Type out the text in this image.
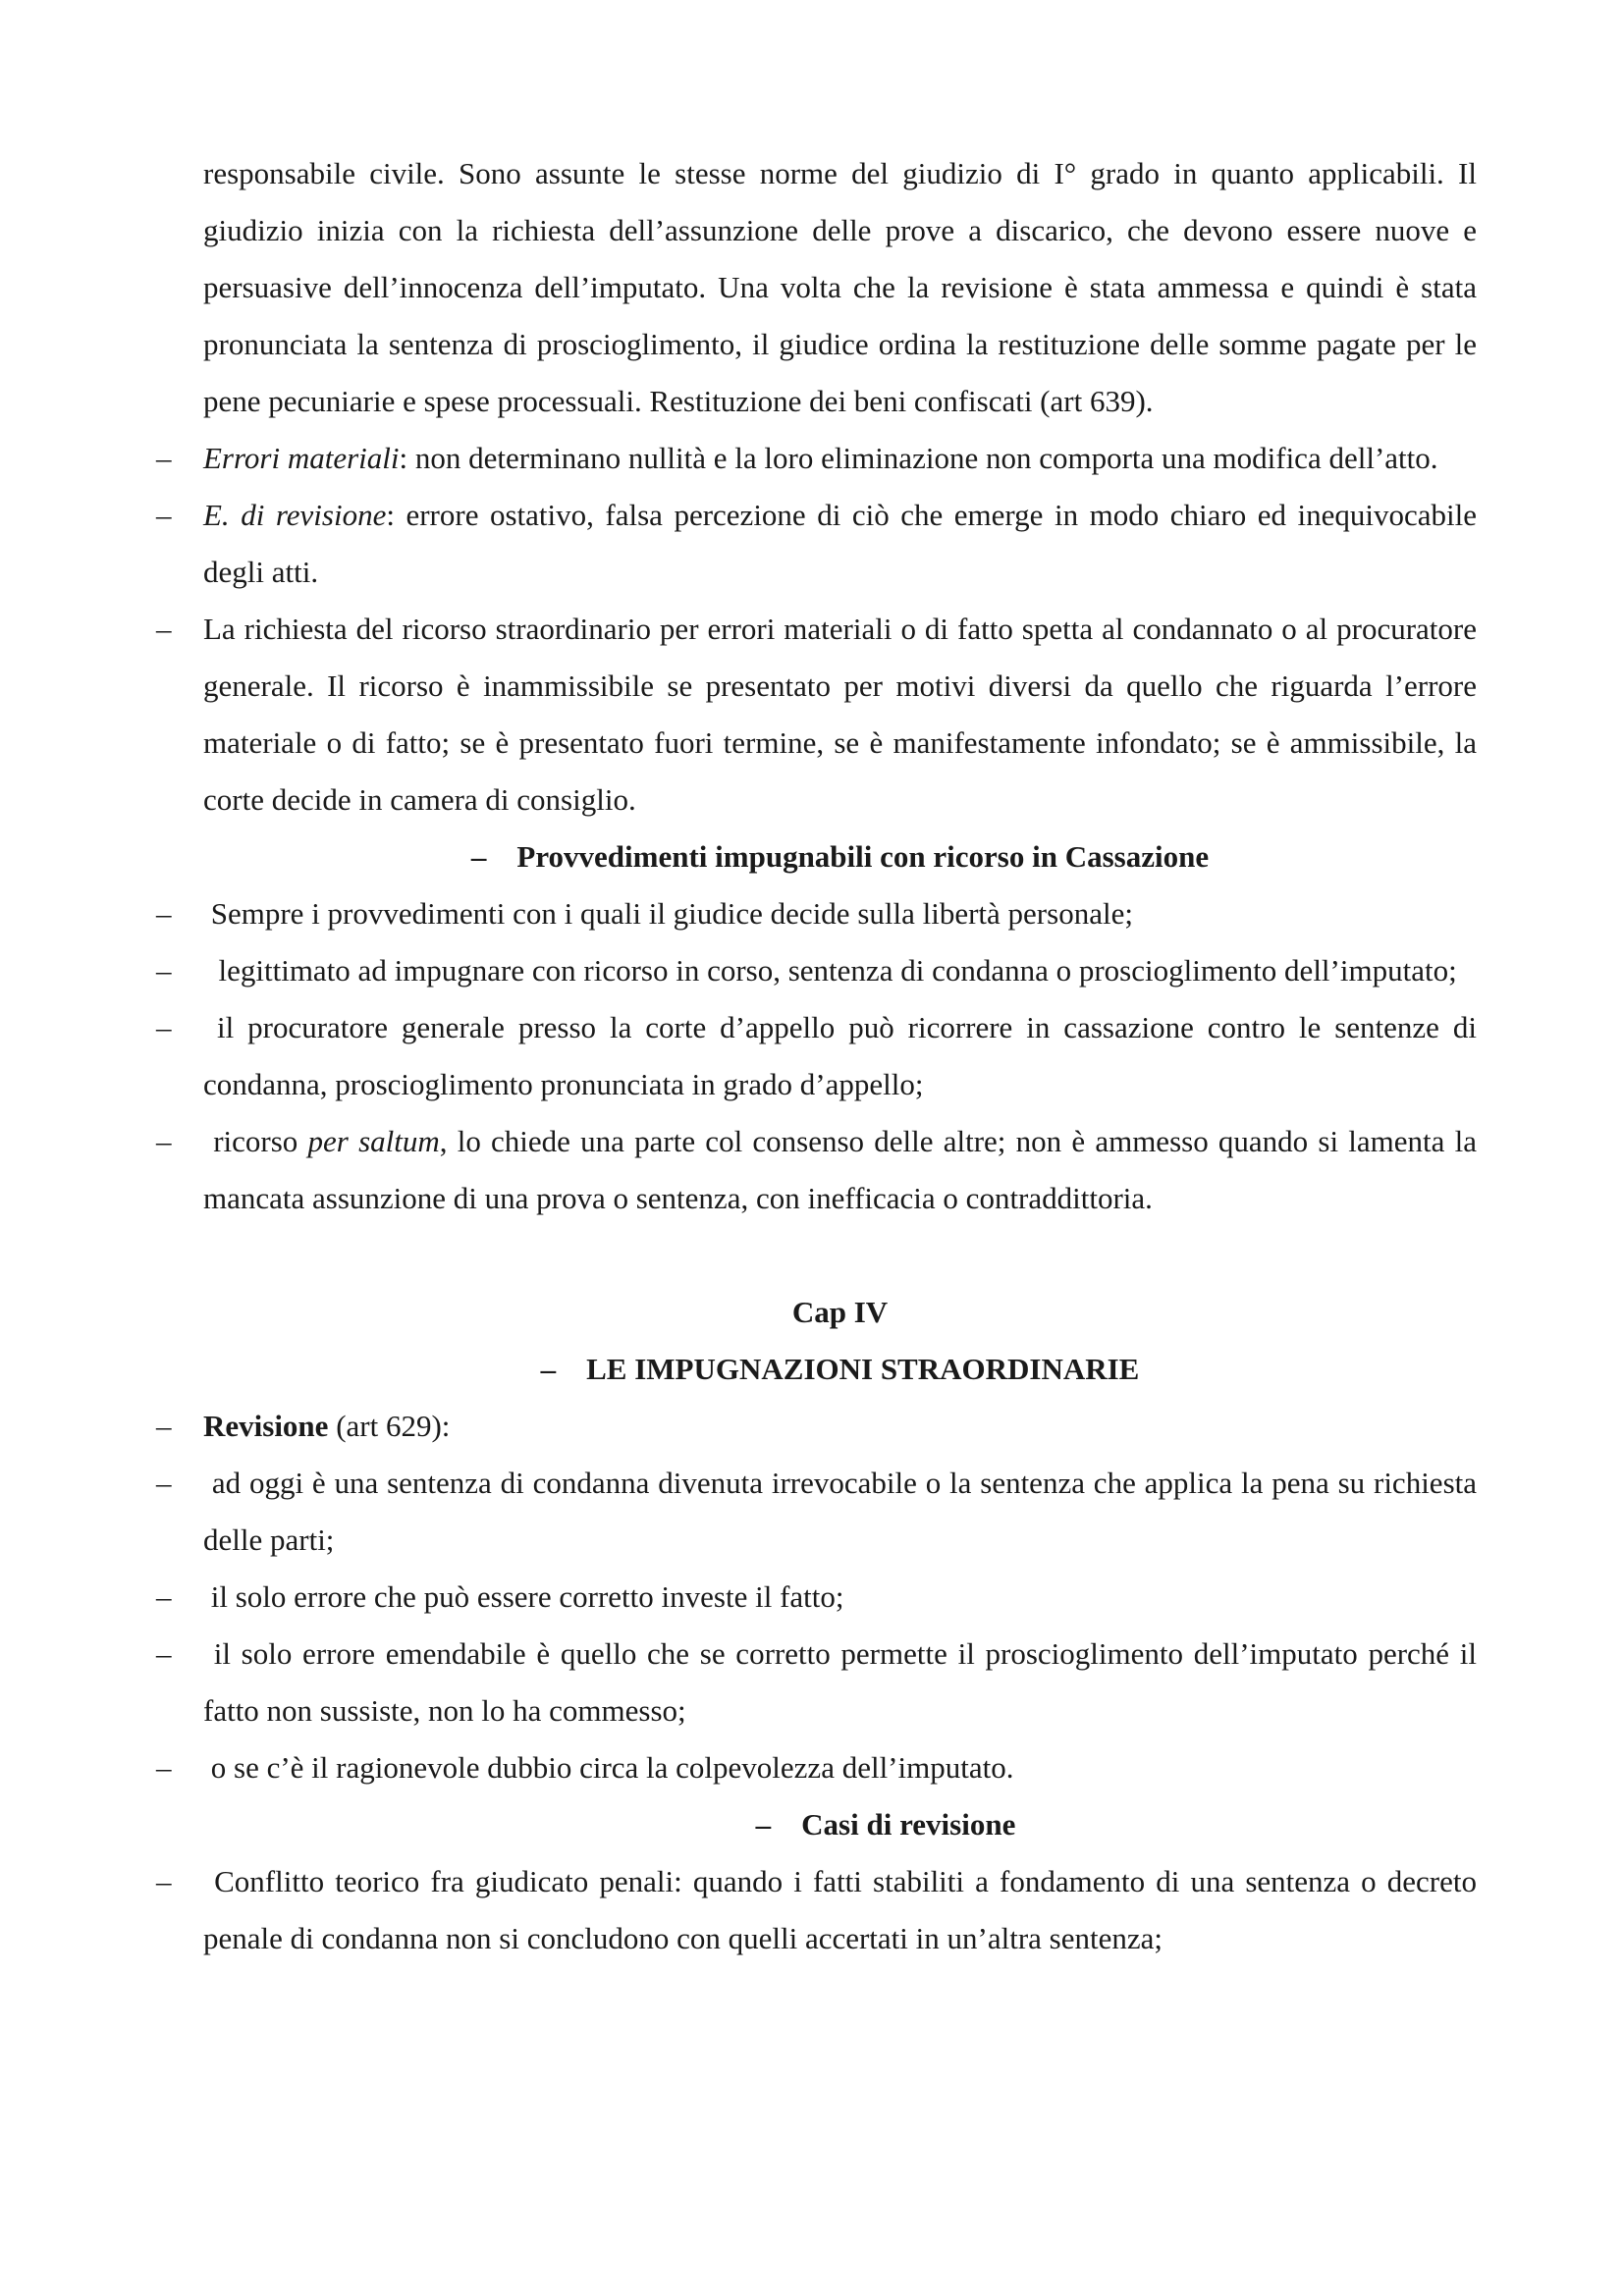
responsabile civile. Sono assunte le stesse norme del giudizio di I° grado in quanto applicabili. Il giudizio inizia con la richiesta dell’assunzione delle prove a discarico, che devono essere nuove e persuasive dell’innocenza dell’imputato. Una volta che la revisione è stata ammessa e quindi è stata pronunciata la sentenza di proscioglimento, il giudice ordina la restituzione delle somme pagate per le pene pecuniarie e spese processuali. Restituzione dei beni confiscati (art 639).

– Errori materiali: non determinano nullità e la loro eliminazione non comporta una modifica dell’atto.

– E. di revisione: errore ostativo, falsa percezione di ciò che emerge in modo chiaro ed inequivocabile degli atti.

– La richiesta del ricorso straordinario per errori materiali o di fatto spetta al condannato o al procuratore generale. Il ricorso è inammissibile se presentato per motivi diversi da quello che riguarda l’errore materiale o di fatto; se è presentato fuori termine, se è manifestamente infondato; se è ammissibile, la corte decide in camera di consiglio.

– Provvedimenti impugnabili con ricorso in Cassazione

– Sempre i provvedimenti con i quali il giudice decide sulla libertà personale;

– legittimato ad impugnare con ricorso in corso, sentenza di condanna o proscioglimento dell’imputato;

– il procuratore generale presso la corte d’appello può ricorrere in cassazione contro le sentenze di condanna, proscioglimento pronunciata in grado d’appello;

– ricorso per saltum, lo chiede una parte col consenso delle altre; non è ammesso quando si lamenta la mancata assunzione di una prova o sentenza, con inefficacia o contraddittoria.

Cap IV

– LE IMPUGNAZIONI STRAORDINARIE

– Revisione (art 629):

– ad oggi è una sentenza di condanna divenuta irrevocabile o la sentenza che applica la pena su richiesta delle parti;

– il solo errore che può essere corretto investe il fatto;

– il solo errore emendabile è quello che se corretto permette il proscioglimento dell’imputato perché il fatto non sussiste, non lo ha commesso;

– o se c’è il ragionevole dubbio circa la colpevolezza dell’imputato.

– Casi di revisione

– Conflitto teorico fra giudicato penali: quando i fatti stabiliti a fondamento di una sentenza o decreto penale di condanna non si concludono con quelli accertati in un’altra sentenza;
